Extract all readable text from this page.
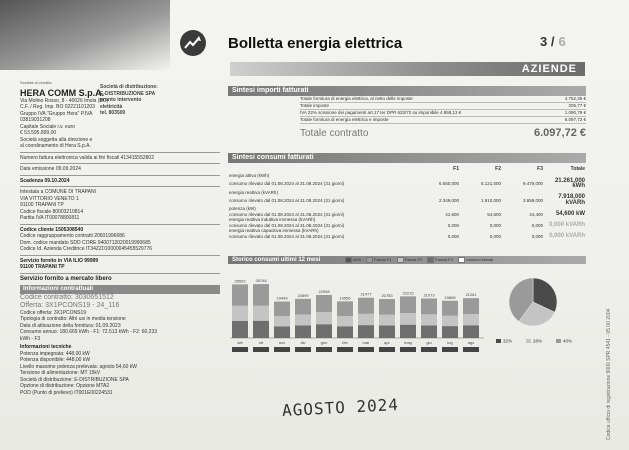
Bolletta energia elettrica	3 / 6
AZIENDE
Società di vendita
HERA COMM S.p.A.
Via Molino Rosso, 8 - 40026 Imola (BO)
C.F. / Reg. Imp. BO 02221101203
Gruppo IVA "Gruppo Hera" P.IVA
03819031208
Capitale Sociale i.v. euro
€ 53.595.899,00
Società soggetta alla direzione e
al coordinamento di Hera S.p.A.
Numero fattura elettronica valida ai fini fiscali 413415552802
Data emissione 09.09.2024
Scadenza 09.10.2024
Intestata a COMUNE DI TRAPANI
VIA VITTORIO VENETO 1
91100 TRAPANI TP
Codice fiscale 80003210814
Partita IVA IT00078800811
Codice cliente 1505308540
Codice raggruppamento contratti 20601996686
Dom. codice mandato SDD CORE 9400712020019990685
Codice Id. Azienda Creditrice IT34ZZ010000045455529776
Servizio fornito in VIA ILIO 99999
91100 TRAPANI TP
Servizio fornito a mercato libero
Informazioni contrattuali
Codice contratto: 3030651512
Offerta: 3X1PCONS19 - 24_116
Codice offerta: 3X1PCONS19
Tipologia di contratto: Altri usi in media tensione
Data di attivazione della fornitura: 01.09.2023
Consumo annuo: 180.669 kWh - F1: 72.513 kWh - F2: 60.233
kWh - F3
Informazioni tecniche
Potenza impegnata: 448,00 kW
Potenza disponibile: 448,00 kW
Livello massimo potenza prelevata: agosto 54,60 kW
Tensione di alimentazione: MT 15kV
Società di distribuzione: E-DISTRIBUZIONE SPA
Opzione di distribuzione: Opzione MTA2
POD (Punto di prelievo) IT001E00224531
Società di distribuzione:
E-DISTRIBUZIONE SPA
pronto intervento
elettricità
tel. 803500
Sintesi importi fatturati
Totale fornitura di energia elettrica, al netto delle imposte	4.752,35 €
Totale imposte	205,77 €
IVA 22% scissione dei pagamenti art.17 ter DPR 633/72 su imponibile 4.958,13 €	1.090,79 €
Totale fornitura di energia elettrica e imposte	6.097,72 €
Totale contratto	6.097,72 €
Sintesi consumi fatturati
	F1	F2	F3	Totale
energia attiva (kWh)				
consumo rilevato dal 01.08.2024 al 31.08.2024 (31 giorni)	6.550,000	5.121,000	9.479,000	21.261,000 kWh
energia reattiva (kVARh)				
consumo rilevato dal 01.08.2024 al 31.08.2024 (31 giorni)	2.349,000	1.910,000	3.659,000	7.918,000 kVARh
potenza (kW)				
consumo rilevato dal 01.08.2024 al 31.08.2024 (31 giorni)	41,600	54,600	44,400	54,600 kW
energia reattiva induttiva immessa (kVARh)				
consumo rilevato dal 01.08.2024 al 31.08.2024 (31 giorni)	0,000	0,000	0,000	0,000 kVARh
energia reattiva capacitiva immessa (kVARh)				
consumo rilevato dal 01.08.2024 al 31.08.2024 (31 giorni)	0,000	0,000	0,000	0,000 kVARh
Storico consumi ultimi 12 mesi	kWh	Fascia F1	Fascia F2	Fascia F3	consumi stimati
28592
set
28748
ott
19449
nov
20899
dic
22958
gen
19556
feb
21477
mar
20783
apr
22215
mag
21073
giu
19858
lug
21261
ago	32%	28%	40%
AGOSTO 2024	Codice ufficio di registrazione 9000 SPR 4541 - 05 00 2004
